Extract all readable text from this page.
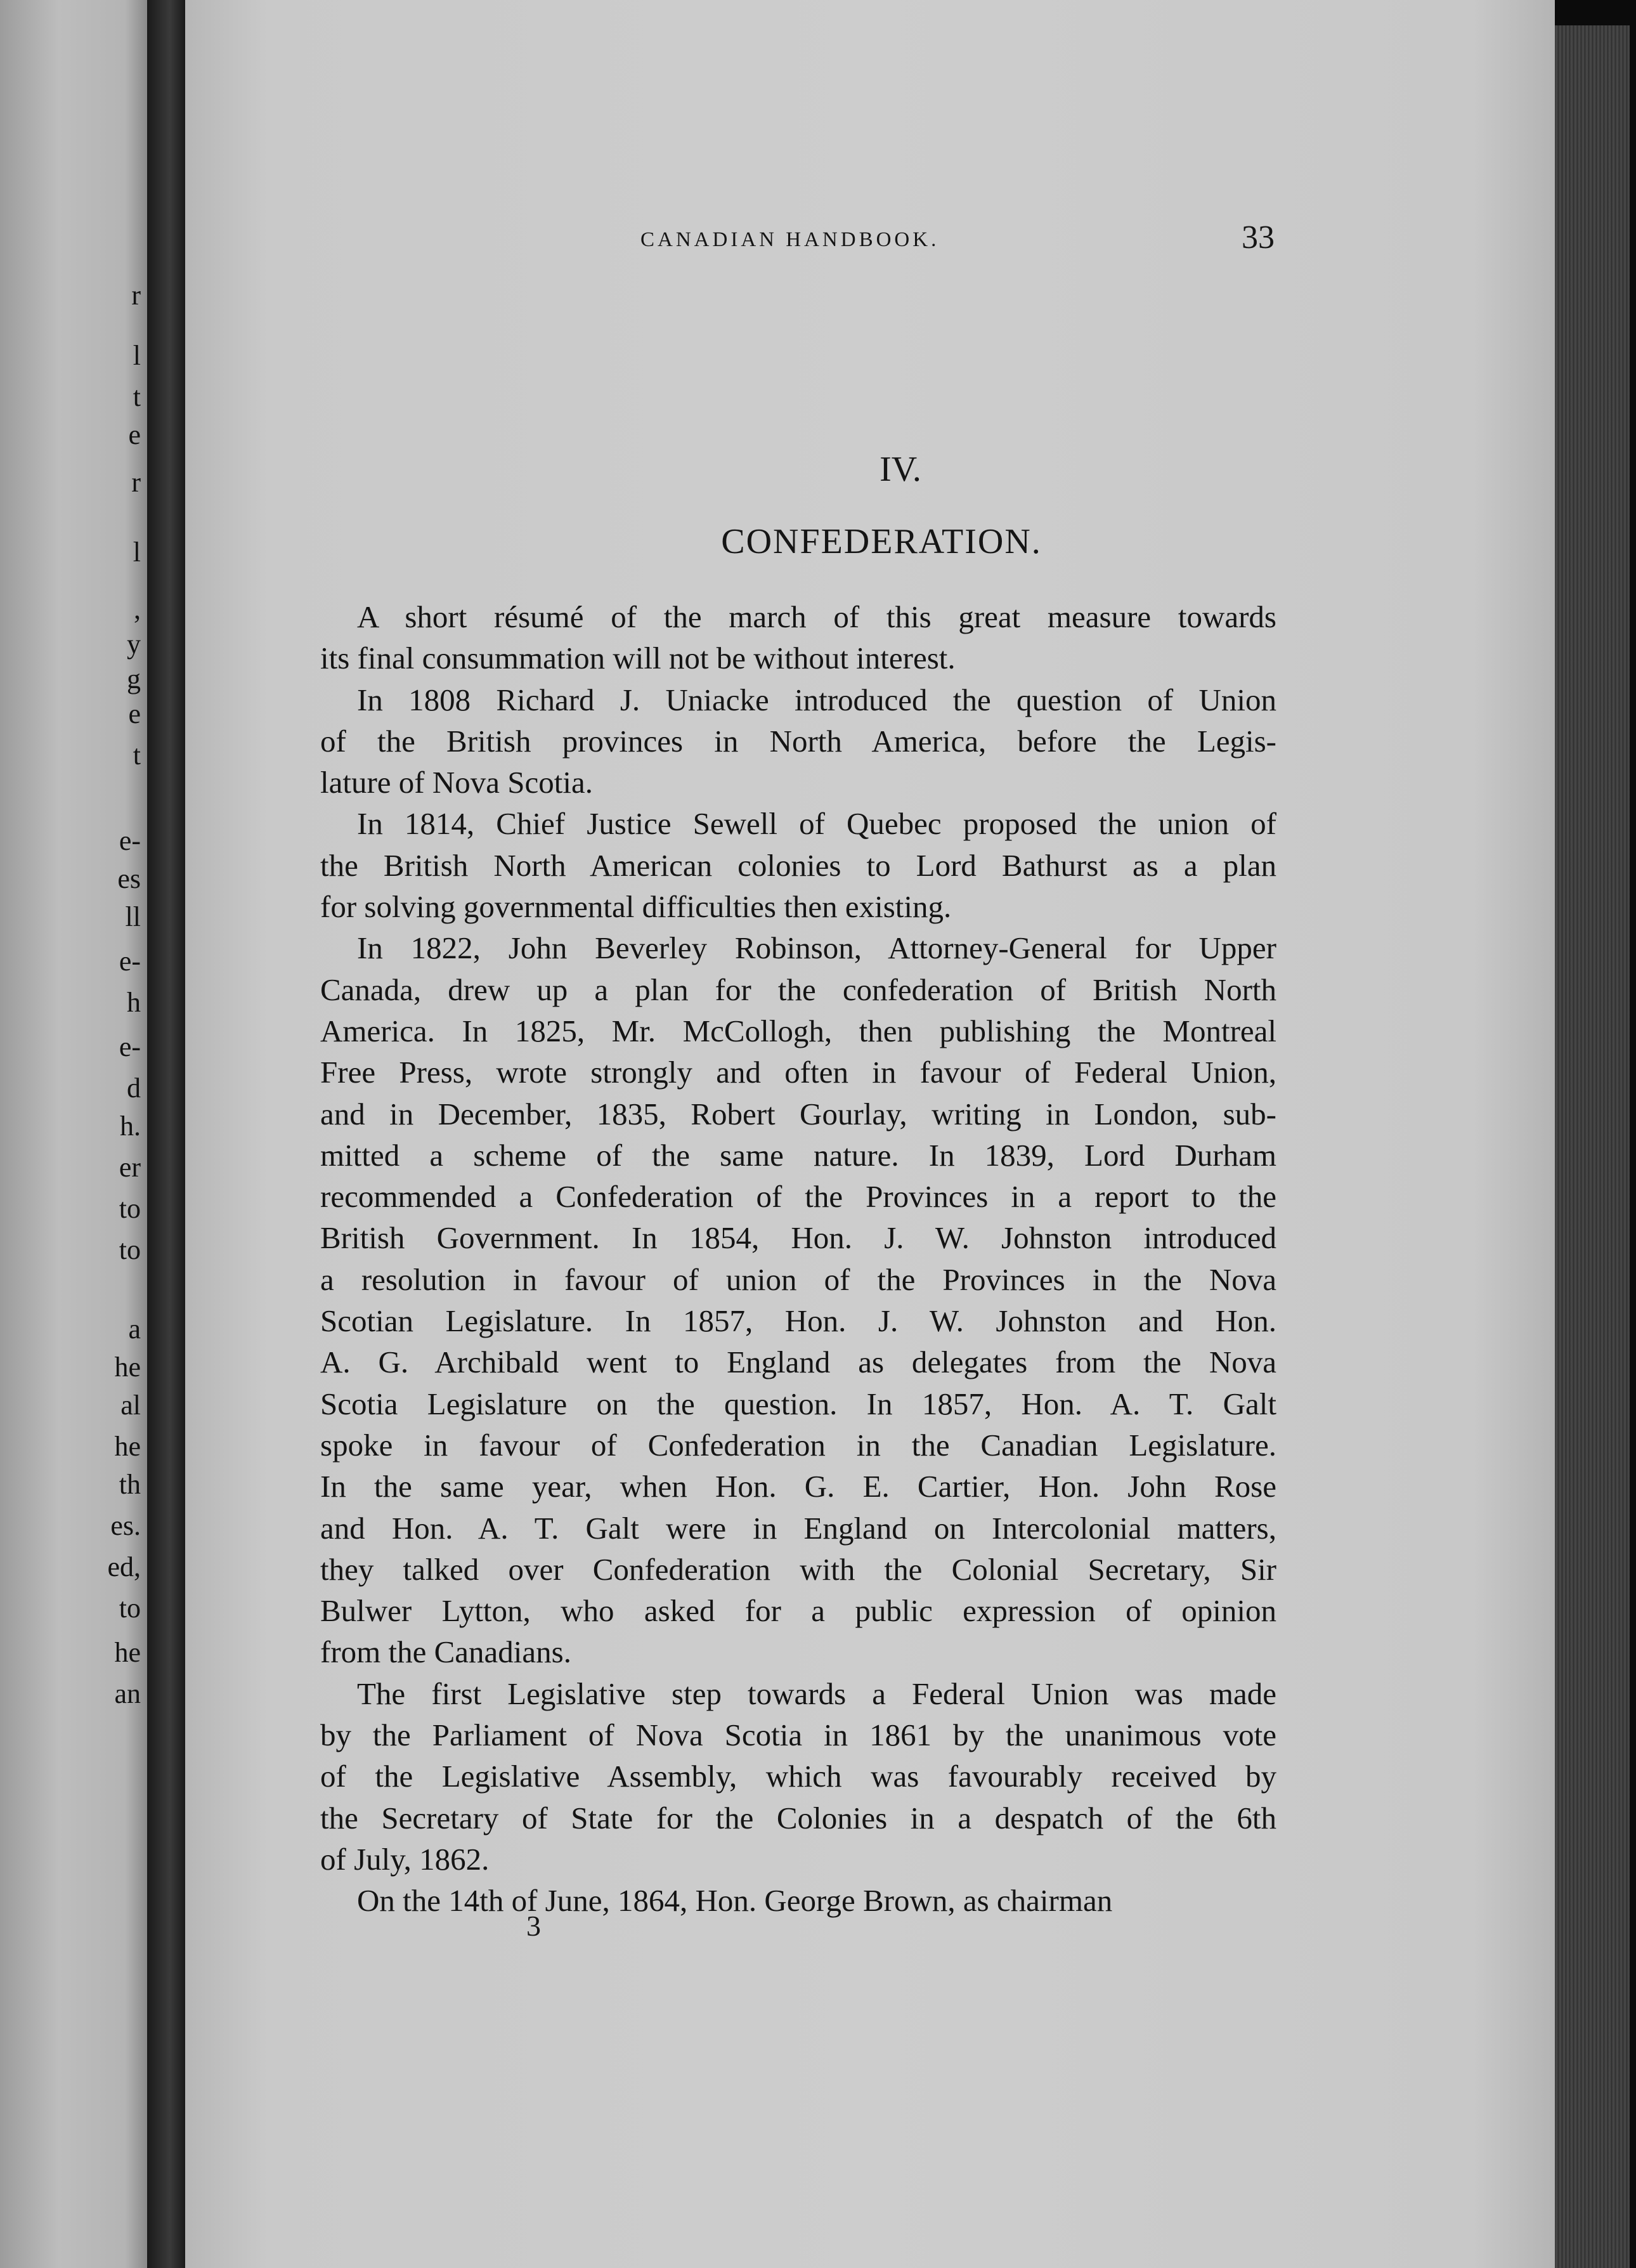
r
l
t
e
r
l
,
y
g
e
t
e-
es
ll
e-
h
e-
d
h.
er
to
to
a
he
al
he
th
es.
ed,
to
he
an
CANADIAN HANDBOOK.	33
IV.
CONFEDERATION.
A short résumé of the march of this great measure towards
its final consummation will not be without interest.
In 1808 Richard J. Uniacke introduced the question of Union
of the British provinces in North America, before the Legis-
lature of Nova Scotia.
In 1814, Chief Justice Sewell of Quebec proposed the union of
the British North American colonies to Lord Bathurst as a plan
for solving governmental difficulties then existing.
In 1822, John Beverley Robinson, Attorney-General for Upper
Canada, drew up a plan for the confederation of British North
America. In 1825, Mr. McCollogh, then publishing the Montreal
Free Press, wrote strongly and often in favour of Federal Union,
and in December, 1835, Robert Gourlay, writing in London, sub-
mitted a scheme of the same nature. In 1839, Lord Durham
recommended a Confederation of the Provinces in a report to the
British Government. In 1854, Hon. J. W. Johnston introduced
a resolution in favour of union of the Provinces in the Nova
Scotian Legislature. In 1857, Hon. J. W. Johnston and Hon.
A. G. Archibald went to England as delegates from the Nova
Scotia Legislature on the question. In 1857, Hon. A. T. Galt
spoke in favour of Confederation in the Canadian Legislature.
In the same year, when Hon. G. E. Cartier, Hon. John Rose
and Hon. A. T. Galt were in England on Intercolonial matters,
they talked over Confederation with the Colonial Secretary, Sir
Bulwer Lytton, who asked for a public expression of opinion
from the Canadians.
The first Legislative step towards a Federal Union was made
by the Parliament of Nova Scotia in 1861 by the unanimous vote
of the Legislative Assembly, which was favourably received by
the Secretary of State for the Colonies in a despatch of the 6th
of July, 1862.
On the 14th of June, 1864, Hon. George Brown, as chairman
3
